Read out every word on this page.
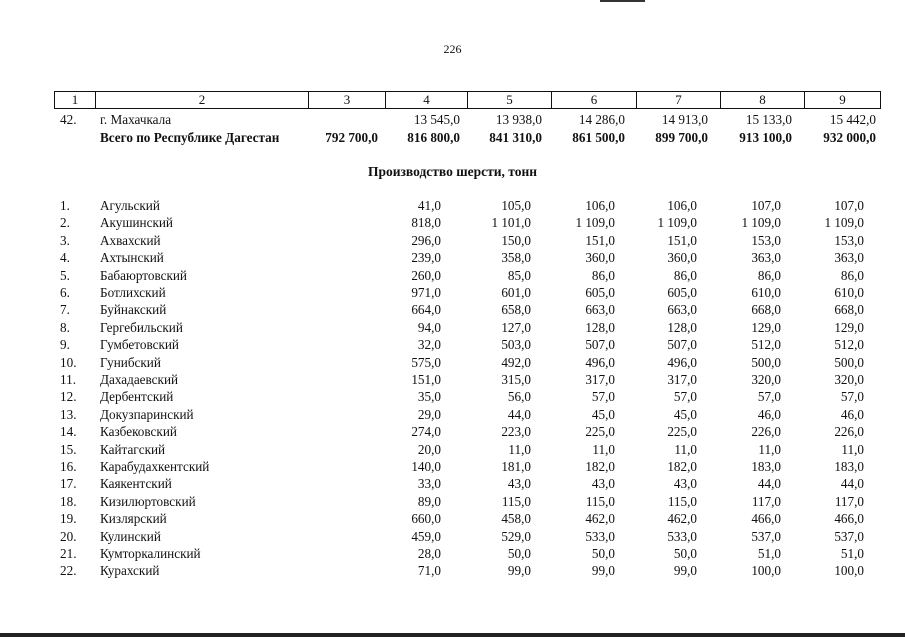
226
1	2	3	4	5	6	7	8	9
42.	г. Махачкала	13 545,0	13 938,0	14 286,0	14 913,0	15 133,0	15 442,0
Всего по Республике Дагестан	792 700,0	816 800,0	841 310,0	861 500,0	899 700,0	913 100,0	932 000,0
Производство шерсти, тонн
1.	Агульский	41,0	105,0	106,0	106,0	107,0	107,0
2.	Акушинский	818,0	1 101,0	1 109,0	1 109,0	1 109,0	1 109,0
3.	Ахвахский	296,0	150,0	151,0	151,0	153,0	153,0
4.	Ахтынский	239,0	358,0	360,0	360,0	363,0	363,0
5.	Бабаюртовский	260,0	85,0	86,0	86,0	86,0	86,0
6.	Ботлихский	971,0	601,0	605,0	605,0	610,0	610,0
7.	Буйнакский	664,0	658,0	663,0	663,0	668,0	668,0
8.	Гергебильский	94,0	127,0	128,0	128,0	129,0	129,0
9.	Гумбетовский	32,0	503,0	507,0	507,0	512,0	512,0
10.	Гунибский	575,0	492,0	496,0	496,0	500,0	500,0
11.	Дахадаевский	151,0	315,0	317,0	317,0	320,0	320,0
12.	Дербентский	35,0	56,0	57,0	57,0	57,0	57,0
13.	Докузпаринский	29,0	44,0	45,0	45,0	46,0	46,0
14.	Казбековский	274,0	223,0	225,0	225,0	226,0	226,0
15.	Кайтагский	20,0	11,0	11,0	11,0	11,0	11,0
16.	Карабудахкентский	140,0	181,0	182,0	182,0	183,0	183,0
17.	Каякентский	33,0	43,0	43,0	43,0	44,0	44,0
18.	Кизилюртовский	89,0	115,0	115,0	115,0	117,0	117,0
19.	Кизлярский	660,0	458,0	462,0	462,0	466,0	466,0
20.	Кулинский	459,0	529,0	533,0	533,0	537,0	537,0
21.	Кумторкалинский	28,0	50,0	50,0	50,0	51,0	51,0
22.	Курахский	71,0	99,0	99,0	99,0	100,0	100,0
